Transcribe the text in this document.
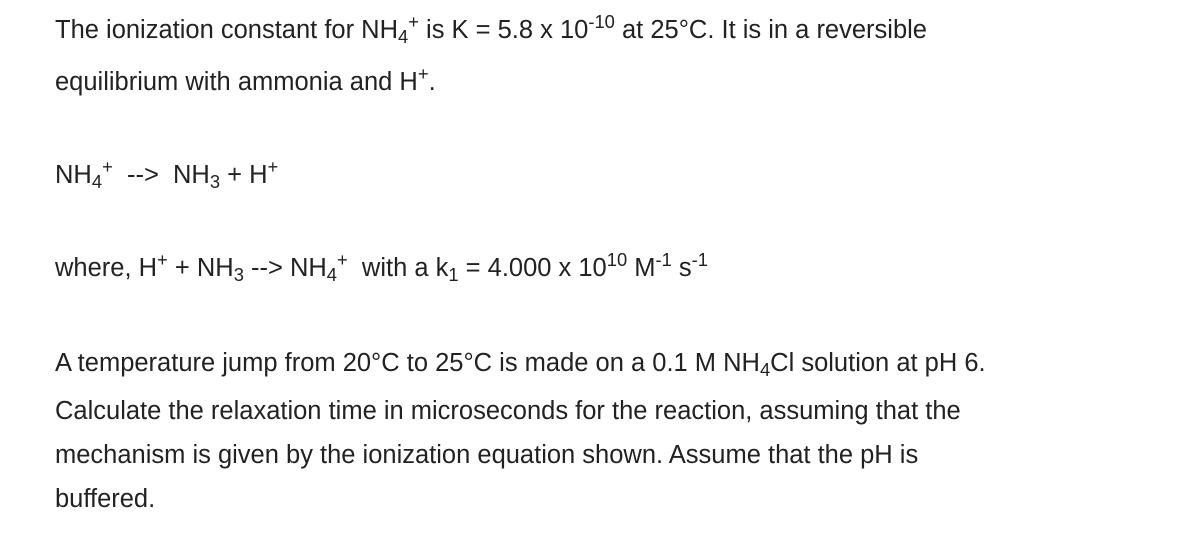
The ionization constant for $NH_4^+$ is K = 5.8 x $10^{-10}$ at 25°C. It is in a reversible
equilibrium with ammonia and H+.
$NH_4^+$  -->  $NH_3 + H^+$
where, $H^+ + NH_3$ --> $NH_4^+$  with a $k_1 = 4.000$ x $10^{10}$ $M^{-1}$ $s^{-1}$
A temperature jump from 20°C to 25°C is made on a 0.1 M $NH_4Cl$ solution at pH 6.
Calculate the relaxation time in microseconds for the reaction, assuming that the
mechanism is given by the ionization equation shown. Assume that the pH is
buffered.
